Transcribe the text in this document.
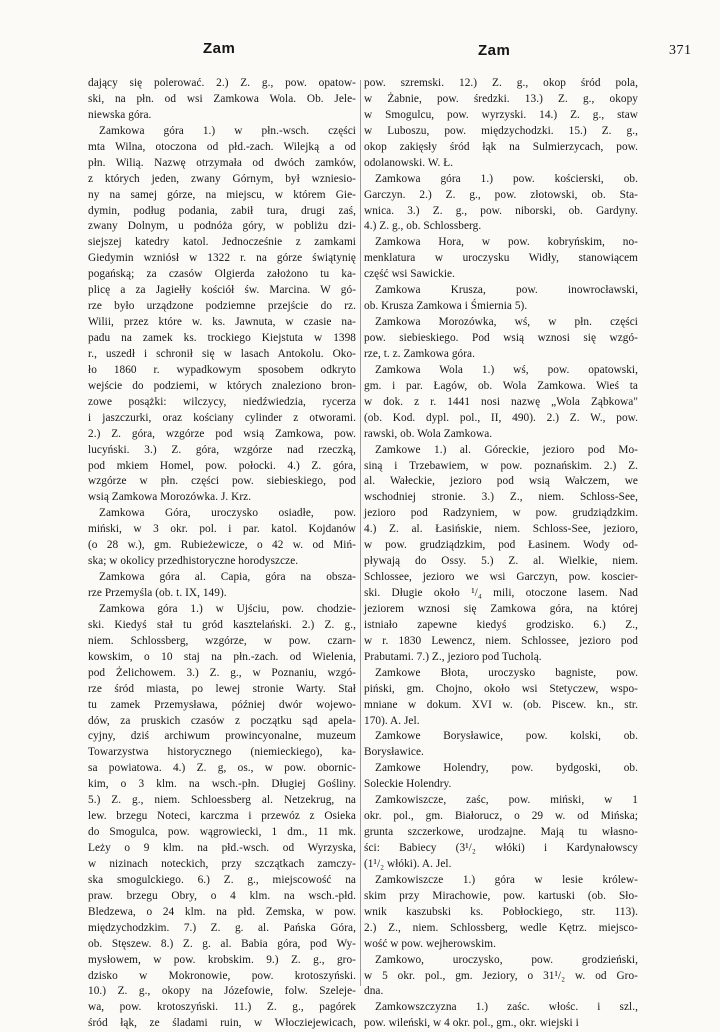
Zam	Zam	371
dający się polerować. 2.) Z. g., pow. opatow-
ski, na płn. od wsi Zamkowa Wola. Ob. Jele-
niewska góra.
Zamkowa góra 1.) w płn.-wsch. części
mta Wilna, otoczona od płd.-zach. Wilejką a od
płn. Wilią. Nazwę otrzymała od dwóch zamków,
z których jeden, zwany Górnym, był wzniesio-
ny na samej górze, na miejscu, w którem Gie-
dymin, podług podania, zabił tura, drugi zaś,
zwany Dolnym, u podnóża góry, w pobliżu dzi-
siejszej katedry katol. Jednocześnie z zamkami
Giedymin wzniósł w 1322 r. na górze świątynię
pogańską; za czasów Olgierda założono tu ka-
plicę a za Jagiełły kościół św. Marcina. W gó-
rze było urządzone podziemne przejście do rz.
Wilii, przez które w. ks. Jawnuta, w czasie na-
padu na zamek ks. trockiego Kiejstuta w 1398
r., uszedł i schronił się w lasach Antokolu. Oko-
ło 1860 r. wypadkowym sposobem odkryto
wejście do podziemi, w których znaleziono bron-
zowe posążki: wilczycy, niedźwiedzia, rycerza
i jaszczurki, oraz kościany cylinder z otworami.
2.) Z. góra, wzgórze pod wsią Zamkowa, pow.
lucyński. 3.) Z. góra, wzgórze nad rzeczką,
pod mkiem Homel, pow. połocki. 4.) Z. góra,
wzgórze w płn. części pow. siebieskiego, pod
wsią Zamkowa Morozówka. J. Krz.
Zamkowa Góra, uroczysko osiadłe, pow.
miński, w 3 okr. pol. i par. katol. Kojdanów
(o 28 w.), gm. Rubieżewicze, o 42 w. od Miń-
ska; w okolicy przedhistoryczne horodyszcze.
Zamkowa góra al. Capia, góra na obsza-
rze Przemyśla (ob. t. IX, 149).
Zamkowa góra 1.) w Ujściu, pow. chodzie-
ski. Kiedyś stał tu gród kasztelański. 2.) Z. g.,
niem. Schlossberg, wzgórze, w pow. czarn-
kowskim, o 10 staj na płn.-zach. od Wielenia,
pod Żelichowem. 3.) Z. g., w Poznaniu, wzgó-
rze śród miasta, po lewej stronie Warty. Stał
tu zamek Przemysława, później dwór wojewo-
dów, za pruskich czasów z początku sąd apela-
cyjny, dziś archiwum prowincyonalne, muzeum
Towarzystwa historycznego (niemieckiego), ka-
sa powiatowa. 4.) Z. g, os., w pow. obornic-
kim, o 3 klm. na wsch.-płn. Długiej Gośliny.
5.) Z. g., niem. Schloessberg al. Netzekrug, na
lew. brzegu Noteci, karczma i przewóz z Osieka
do Smogulca, pow. wągrowiecki, 1 dm., 11 mk.
Leży o 9 klm. na płd.-wsch. od Wyrzyska,
w nizinach noteckich, przy szczątkach zamczy-
ska smogulckiego. 6.) Z. g., miejscowość na
praw. brzegu Obry, o 4 klm. na wsch.-płd.
Bledzewa, o 24 klm. na płd. Zemska, w pow.
międzychodzkim. 7.) Z. g. al. Pańska Góra,
ob. Stęszew. 8.) Z. g. al. Babia góra, pod Wy-
mysłowem, w pow. krobskim. 9.) Z. g., gro-
dzisko w Mokronowie, pow. krotoszyński.
10.) Z. g., okopy na Józefowie, folw. Szeleje-
wa, pow. krotoszyński. 11.) Z. g., pagórek
śród łąk, ze śladami ruin, w Włocziejewicach,
pow. szremski. 12.) Z. g., okop śród pola,
w Żabnie, pow. średzki. 13.) Z. g., okopy
w Smogulcu, pow. wyrzyski. 14.) Z. g., staw
w Luboszu, pow. międzychodzki. 15.) Z. g.,
okop zakięsły śród łąk na Sulmierzycach, pow.
odolanowski. W. Ł.
Zamkowa góra 1.) pow. kościerski, ob.
Garczyn. 2.) Z. g., pow. złotowski, ob. Sta-
wnica. 3.) Z. g., pow. niborski, ob. Gardyny.
4.) Z. g., ob. Schlossberg.
Zamkowa Hora, w pow. kobryńskim, no-
menklatura w uroczysku Widły, stanowiącem
część wsi Sawickie.
Zamkowa Krusza, pow. inowrocławski,
ob. Krusza Zamkowa i Śmiernia 5).
Zamkowa Morozówka, wś, w płn. części
pow. siebieskiego. Pod wsią wznosi się wzgó-
rze, t. z. Zamkowa góra.
Zamkowa Wola 1.) wś, pow. opatowski,
gm. i par. Łagów, ob. Wola Zamkowa. Wieś ta
w dok. z r. 1441 nosi nazwę „Wola Ząbkowa"
(ob. Kod. dypl. pol., II, 490). 2.) Z. W., pow.
rawski, ob. Wola Zamkowa.
Zamkowe 1.) al. Góreckie, jezioro pod Mo-
siną i Trzebawiem, w pow. poznańskim. 2.) Z.
al. Wałeckie, jezioro pod wsią Wałczem, we
wschodniej stronie. 3.) Z., niem. Schloss-See,
jezioro pod Radzyniem, w pow. grudziądzkim.
4.) Z. al. Łasińskie, niem. Schloss-See, jezioro,
w pow. grudziądzkim, pod Łasinem. Wody od-
pływają do Ossy. 5.) Z. al. Wielkie, niem.
Schlossee, jezioro we wsi Garczyn, pow. koscier-
ski. Długie około ¹/₄ mili, otoczone lasem. Nad
jeziorem wznosi się Zamkowa góra, na której
istniało zapewne kiedyś grodzisko. 6.) Z.,
w r. 1830 Lewencz, niem. Schlossee, jezioro pod
Prabutami. 7.) Z., jezioro pod Tucholą.
Zamkowe Błota, uroczysko bagniste, pow.
piński, gm. Chojno, około wsi Stetyczew, wspo-
mniane w dokum. XVI w. (ob. Piscew. kn., str.
170). A. Jel.
Zamkowe Borysławice, pow. kolski, ob.
Borysławice.
Zamkowe Holendry, pow. bydgoski, ob.
Soleckie Holendry.
Zamkowiszcze, zaśc, pow. miński, w 1
okr. pol., gm. Białorucz, o 29 w. od Mińska;
grunta szczerkowe, urodzajne. Mają tu własno-
ści: Babiecy (3¹/₂ włóki) i Kardynałowscy
(1¹/₂ włóki). A. Jel.
Zamkowiszcze 1.) góra w lesie królew-
skim przy Mirachowie, pow. kartuski (ob. Sło-
wnik kaszubski ks. Pobłockiego, str. 113).
2.) Z., niem. Schlossberg, wedle Kętrz. miejsco-
wość w pow. wejherowskim.
Zamkowo, uroczysko, pow. grodzieński,
w 5 okr. pol., gm. Jeziory, o 31¹/₂ w. od Gro-
dna.
Zamkowszczyzna 1.) zaśc. włośc. i szl.,
pow. wileński, w 4 okr. pol., gm., okr. wiejski i
